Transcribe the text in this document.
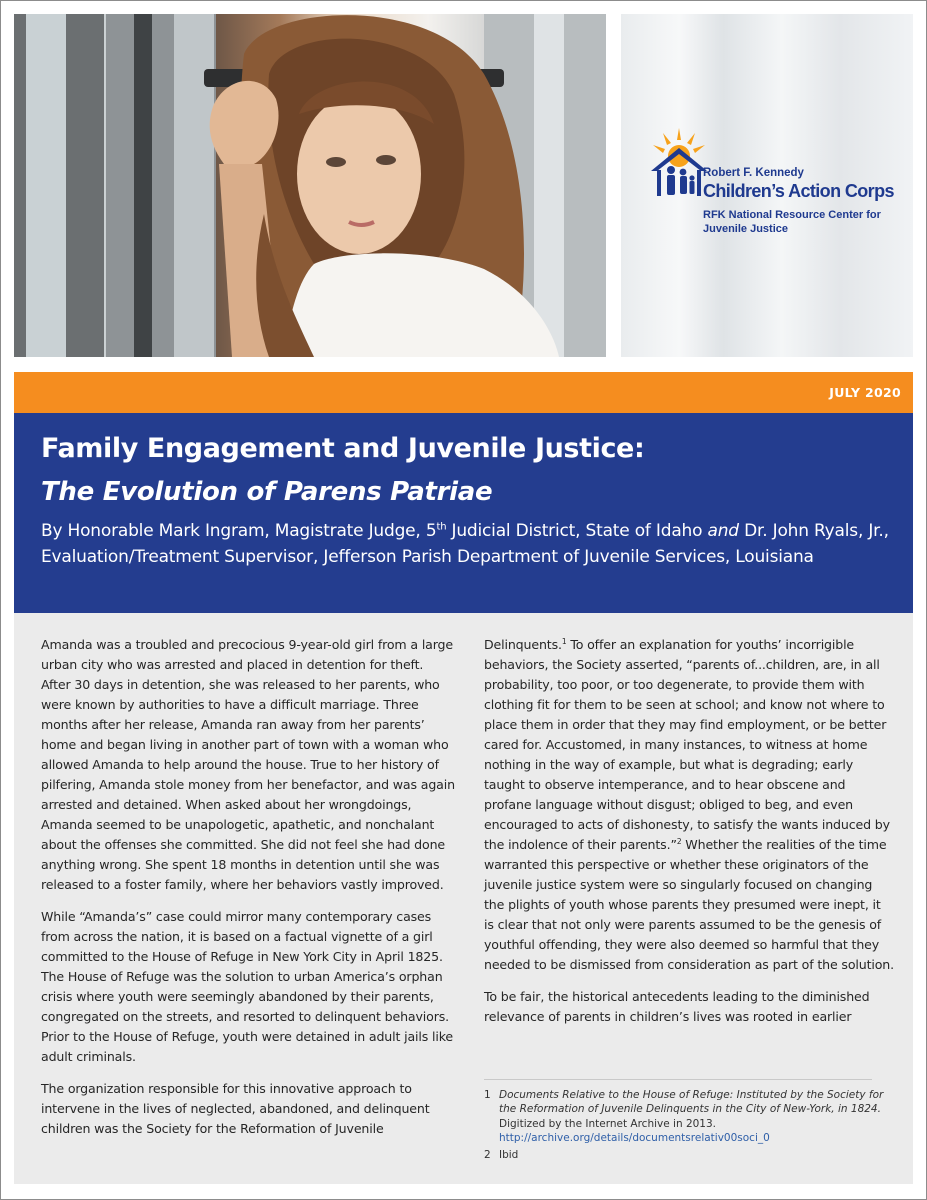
Robert F. Kennedy
Children’s Action Corps
RFK National Resource Center for Juvenile Justice
JULY 2020
Family Engagement and Juvenile Justice:
The Evolution of Parens Patriae
By Honorable Mark Ingram, Magistrate Judge, 5th Judicial District, State of Idaho and Dr. John Ryals, Jr., Evaluation/Treatment Supervisor, Jefferson Parish Department of Juvenile Services, Louisiana

Amanda was a troubled and precocious 9-year-old girl from a large urban city who was arrested and placed in detention for theft. After 30 days in detention, she was released to her parents, who were known by authorities to have a difficult marriage. Three months after her release, Amanda ran away from her parents’ home and began living in another part of town with a woman who allowed Amanda to help around the house. True to her history of pilfering, Amanda stole money from her benefactor, and was again arrested and detained. When asked about her wrongdoings, Amanda seemed to be unapologetic, apathetic, and nonchalant about the offenses she committed. She did not feel she had done anything wrong. She spent 18 months in detention until she was released to a foster family, where her behaviors vastly improved.

While “Amanda’s” case could mirror many contemporary cases from across the nation, it is based on a factual vignette of a girl committed to the House of Refuge in New York City in April 1825. The House of Refuge was the solution to urban America’s orphan crisis where youth were seemingly abandoned by their parents, congregated on the streets, and resorted to delinquent behaviors. Prior to the House of Refuge, youth were detained in adult jails like adult criminals.

The organization responsible for this innovative approach to intervene in the lives of neglected, abandoned, and delinquent children was the Society for the Reformation of Juvenile

Delinquents.$^1$ To offer an explanation for youths’ incorrigible behaviors, the Society asserted, “parents of...children, are, in all probability, too poor, or too degenerate, to provide them with clothing fit for them to be seen at school; and know not where to place them in order that they may find employment, or be better cared for. Accustomed, in many instances, to witness at home nothing in the way of example, but what is degrading; early taught to observe intemperance, and to hear obscene and profane language without disgust; obliged to beg, and even encouraged to acts of dishonesty, to satisfy the wants induced by the indolence of their parents.”$^2$ Whether the realities of the time warranted this perspective or whether these originators of the juvenile justice system were so singularly focused on changing the plights of youth whose parents they presumed were inept, it is clear that not only were parents assumed to be the genesis of youthful offending, they were also deemed so harmful that they needed to be dismissed from consideration as part of the solution.

To be fair, the historical antecedents leading to the diminished relevance of parents in children’s lives was rooted in earlier

1 Documents Relative to the House of Refuge: Instituted by the Society for the Reformation of Juvenile Delinquents in the City of New-York, in 1824. Digitized by the Internet Archive in 2013.
http://archive.org/details/documentsrelativ00soci_0
2 Ibid
